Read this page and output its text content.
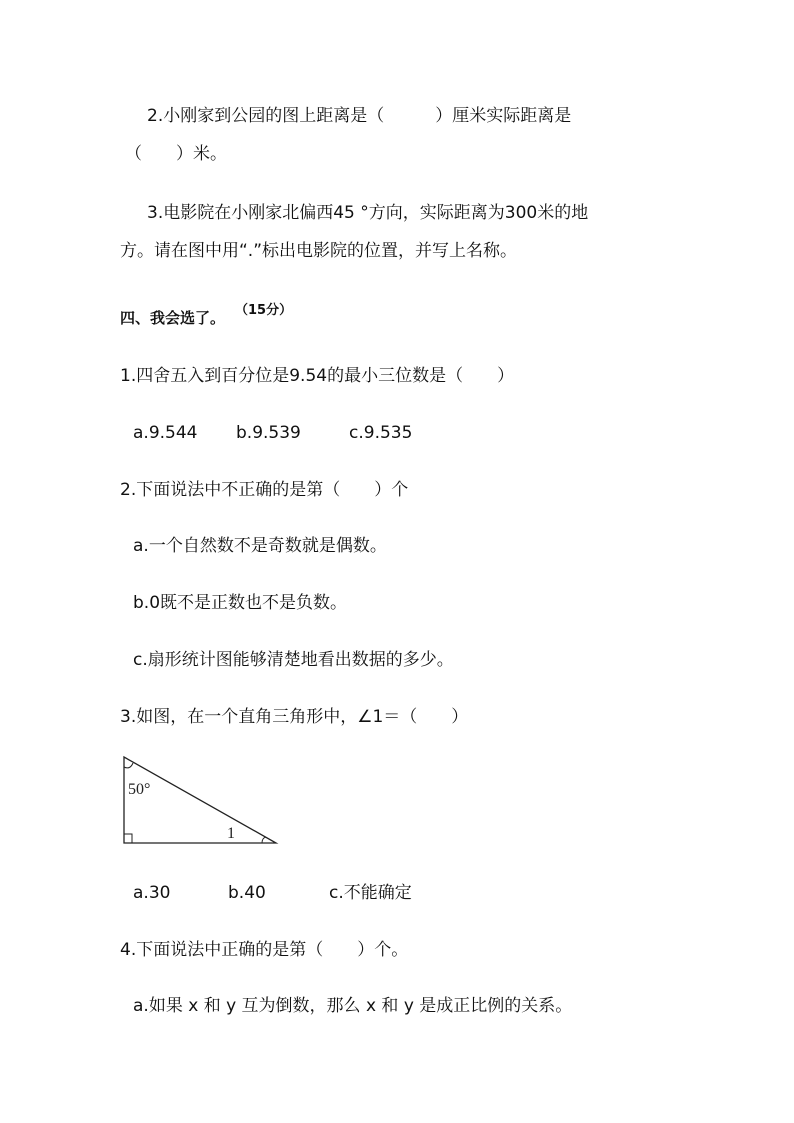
2.小刚家到公园的图上距离是（　　　）厘米实际距离是
（　　）米。
3.电影院在小刚家北偏西45 °方向，实际距离为300米的地
方。请在图中用“.”标出电影院的位置，并写上名称。
四、我会选了。 （15分）
1.四舍五入到百分位是9.54的最小三位数是（　　）
a.9.544 b.9.539	c.9.535
2.下面说法中不正确的是第（　　）个
a.一个自然数不是奇数就是偶数。
b.0既不是正数也不是负数。
c.扇形统计图能够清楚地看出数据的多少。
3.如图，在一个直角三角形中，∠1＝（　　）
50°
1
a.30	b.40	c.不能确定
4.下面说法中正确的是第（　　）个。
a.如果 x 和 y 互为倒数，那么 x 和 y 是成正比例的关系。
